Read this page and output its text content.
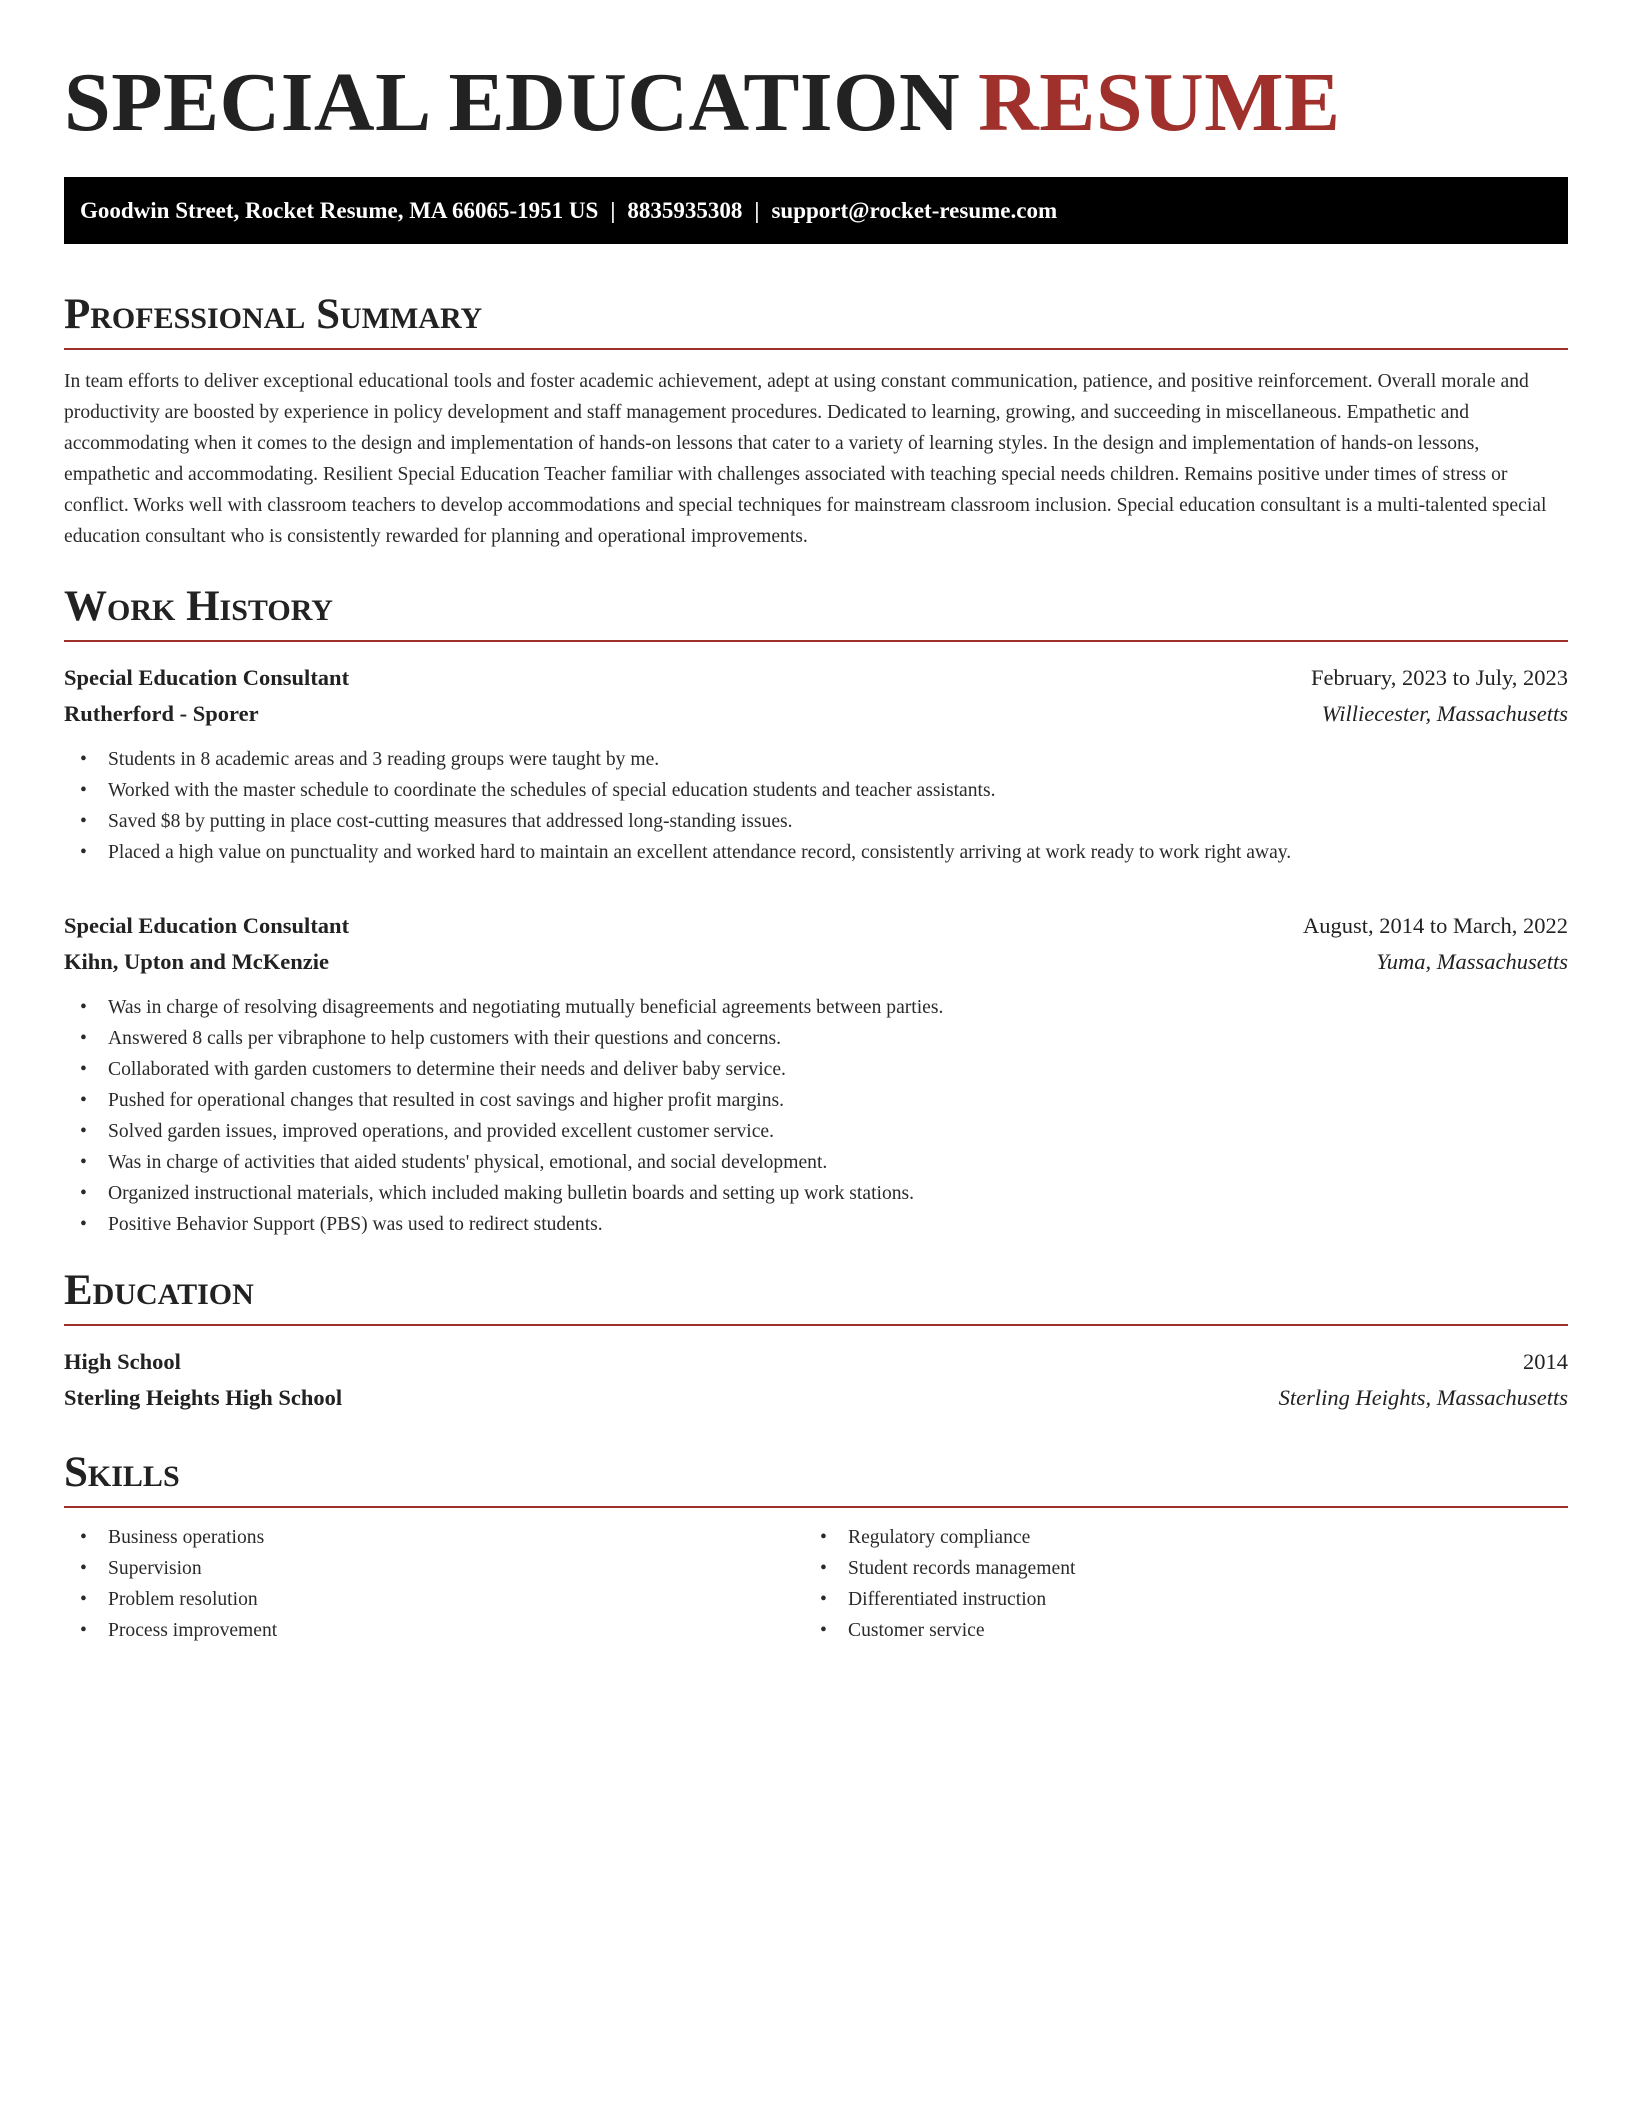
SPECIAL EDUCATION RESUME
Goodwin Street, Rocket Resume, MA 66065-1951 US | 8835935308 | support@rocket-resume.com
Professional Summary

In team efforts to deliver exceptional educational tools and foster academic achievement, adept at using constant communication, patience, and positive reinforcement. Overall morale and productivity are boosted by experience in policy development and staff management procedures. Dedicated to learning, growing, and succeeding in miscellaneous. Empathetic and accommodating when it comes to the design and implementation of hands-on lessons that cater to a variety of learning styles. In the design and implementation of hands-on lessons, empathetic and accommodating. Resilient Special Education Teacher familiar with challenges associated with teaching special needs children. Remains positive under times of stress or conflict. Works well with classroom teachers to develop accommodations and special techniques for mainstream classroom inclusion. Special education consultant is a multi-talented special education consultant who is consistently rewarded for planning and operational improvements.

Work History
Special Education Consultant	February, 2023 to July, 2023
Rutherford - Sporer	Williecester, Massachusetts
• Students in 8 academic areas and 3 reading groups were taught by me.
• Worked with the master schedule to coordinate the schedules of special education students and teacher assistants.
• Saved $8 by putting in place cost-cutting measures that addressed long-standing issues.
• Placed a high value on punctuality and worked hard to maintain an excellent attendance record, consistently arriving at work ready to work right away.
Special Education Consultant	August, 2014 to March, 2022
Kihn, Upton and McKenzie	Yuma, Massachusetts
• Was in charge of resolving disagreements and negotiating mutually beneficial agreements between parties.
• Answered 8 calls per vibraphone to help customers with their questions and concerns.
• Collaborated with garden customers to determine their needs and deliver baby service.
• Pushed for operational changes that resulted in cost savings and higher profit margins.
• Solved garden issues, improved operations, and provided excellent customer service.
• Was in charge of activities that aided students' physical, emotional, and social development.
• Organized instructional materials, which included making bulletin boards and setting up work stations.
• Positive Behavior Support (PBS) was used to redirect students.
Education
High School	2014
Sterling Heights High School	Sterling Heights, Massachusetts
Skills
• Business operations
• Supervision
• Problem resolution
• Process improvement
• Regulatory compliance
• Student records management
• Differentiated instruction
• Customer service
